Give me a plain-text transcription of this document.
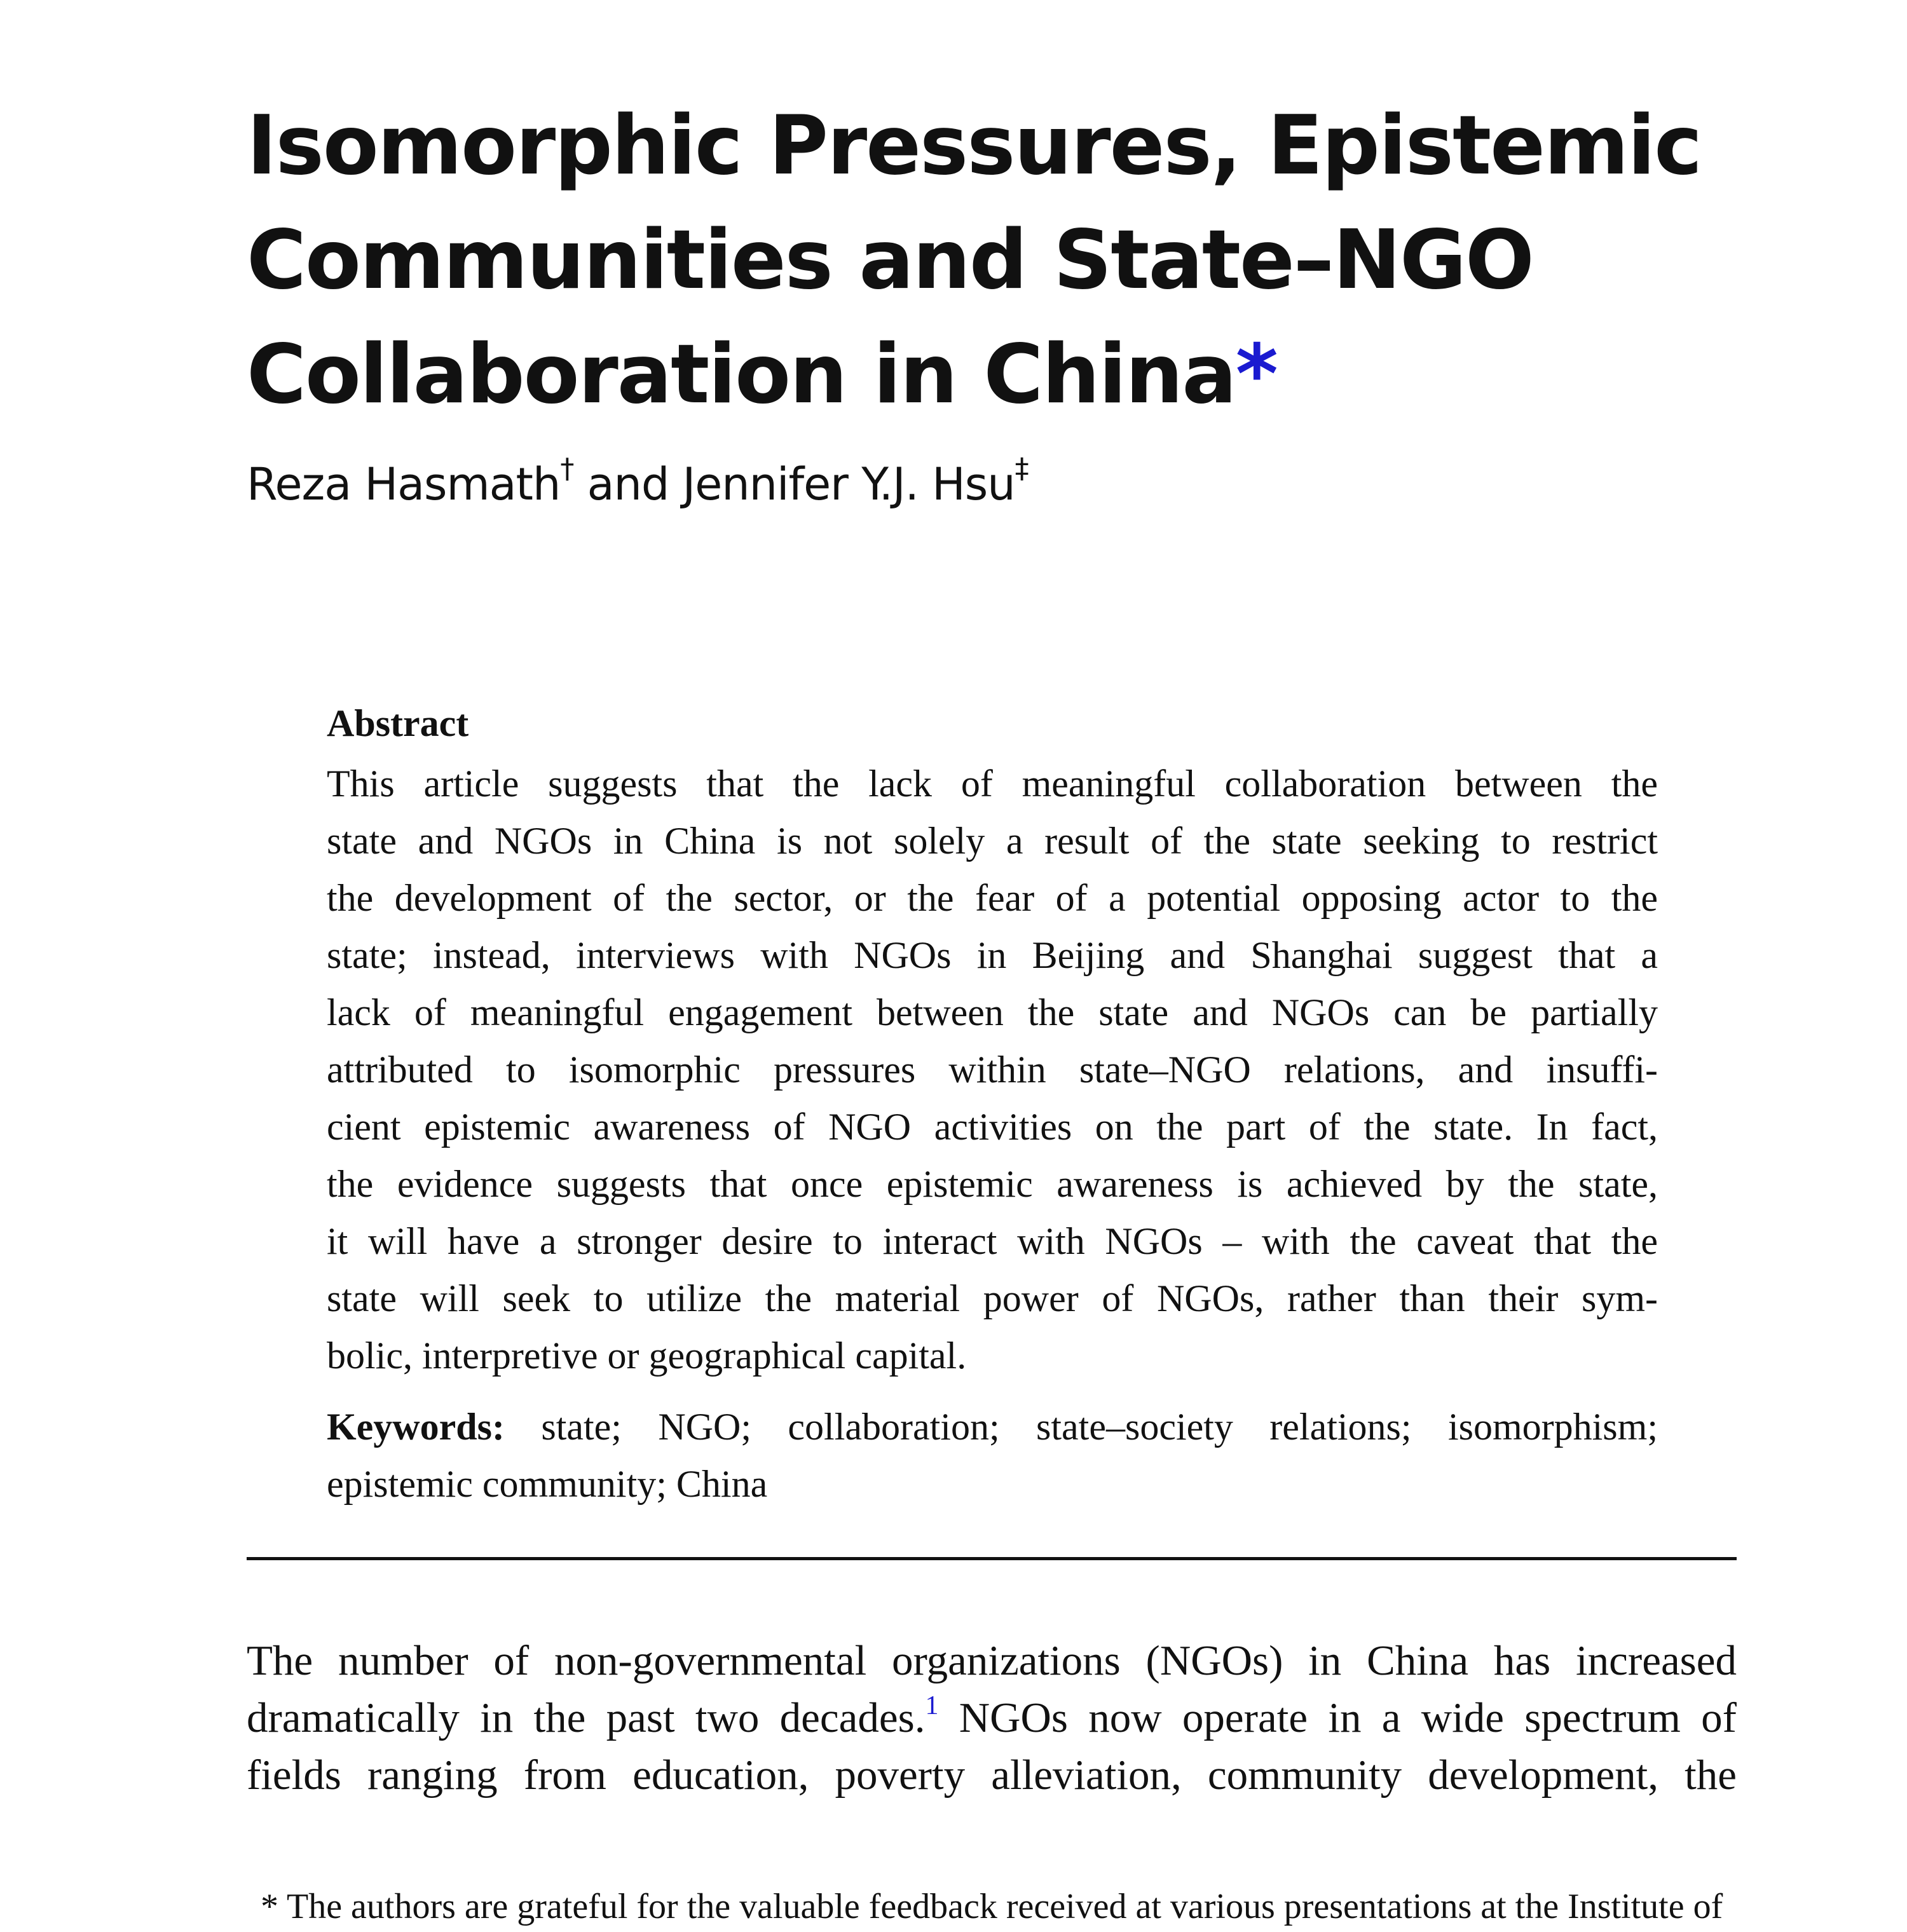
Isomorphic Pressures, Epistemic
Communities and State–NGO
Collaboration in China*
Reza Hasmath† and Jennifer Y.J. Hsu‡
Abstract
This article suggests that the lack of meaningful collaboration between the
state and NGOs in China is not solely a result of the state seeking to restrict
the development of the sector, or the fear of a potential opposing actor to the
state; instead, interviews with NGOs in Beijing and Shanghai suggest that a
lack of meaningful engagement between the state and NGOs can be partially
attributed to isomorphic pressures within state–NGO relations, and insuffi-
cient epistemic awareness of NGO activities on the part of the state. In fact,
the evidence suggests that once epistemic awareness is achieved by the state,
it will have a stronger desire to interact with NGOs – with the caveat that the
state will seek to utilize the material power of NGOs, rather than their sym-
bolic, interpretive or geographical capital.
Keywords: state; NGO; collaboration; state–society relations; isomorphism;
epistemic community; China
The number of non-governmental organizations (NGOs) in China has increased
dramatically in the past two decades.$^1$ NGOs now operate in a wide spectrum of
fields ranging from education, poverty alleviation, community development, the
* The authors are grateful for the valuable feedback received at various presentations at the Institute of
